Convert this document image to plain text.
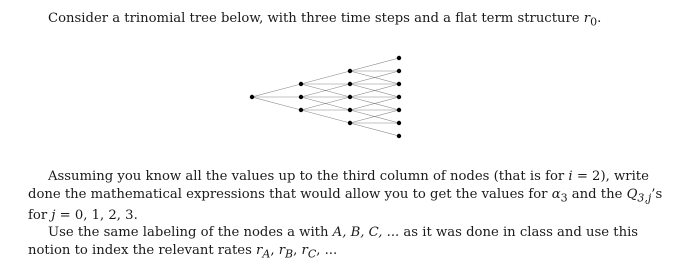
Consider a trinomial tree below, with three time steps and a flat term structure $r_0$.

Assuming you know all the values up to the third column of nodes (that is for i = 2), write
done the mathematical expressions that would allow you to get the values for $\alpha_3$ and the $Q_{3,j}’s$
for j = 0, 1, 2, 3.

Use the same labeling of the nodes a with A, B, C, ... as it was done in class and use this
notion to index the relevant rates $r_A$, $r_B$, $r_C$, ...
